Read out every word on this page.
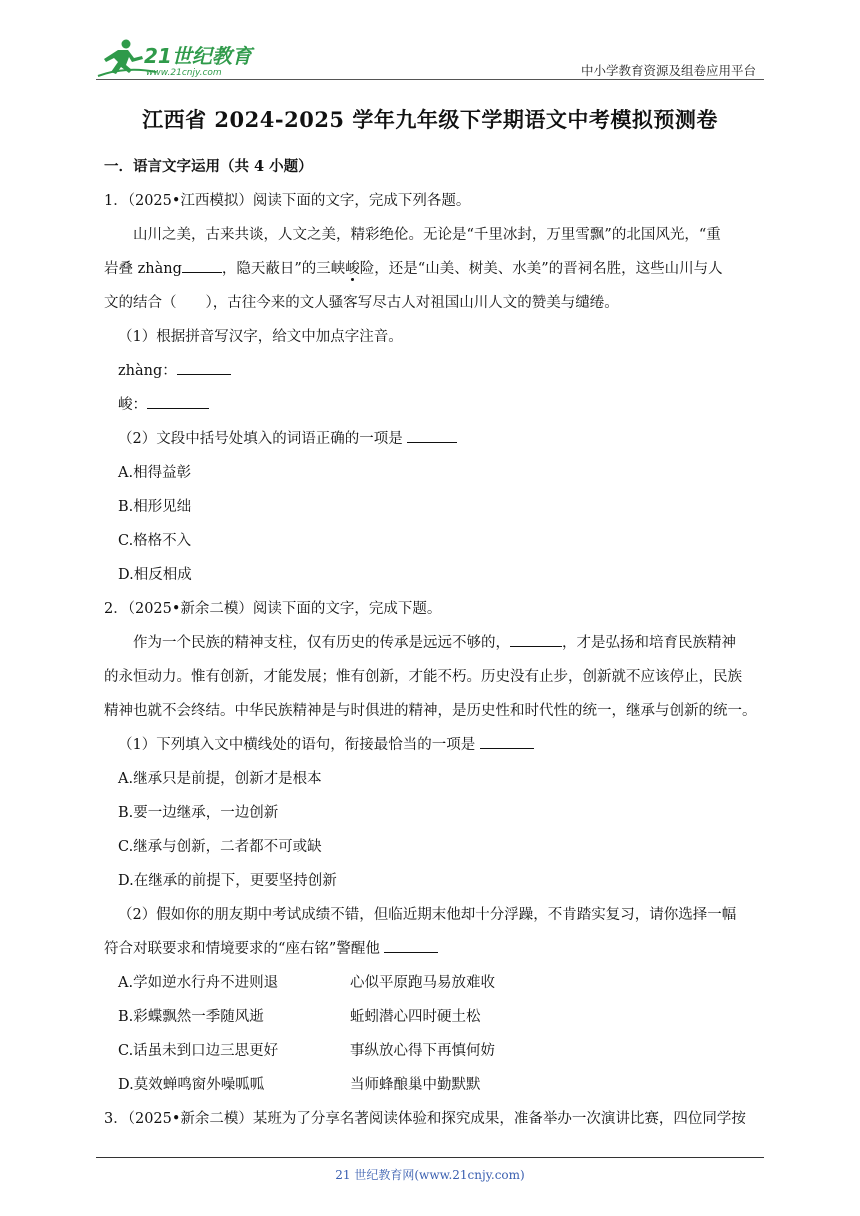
21世纪教育
www.21cnjy.com	中小学教育资源及组卷应用平台
江西省 2024-2025 学年九年级下学期语文中考模拟预测卷
一．语言文字运用（共 4 小题）
1．（2025•江西模拟）阅读下面的文字，完成下列各题。
山川之美，古来共谈，人文之美，精彩绝伦。无论是“千里冰封，万里雪飘”的北国风光，“重
岩叠 zhàng	，隐天蔽日”的三峡峻险，还是“山美、树美、水美”的晋祠名胜，这些山川与人
文的结合（　　），古往今来的文人骚客写尽古人对祖国山川人文的赞美与缱绻。
（1）根据拼音写汉字，给文中加点字注音。
zhàng：
峻：
（2）文段中括号处填入的词语正确的一项是
A.相得益彰
B.相形见绌
C.格格不入
D.相反相成
2．（2025•新余二模）阅读下面的文字，完成下题。
作为一个民族的精神支柱，仅有历史的传承是远远不够的，	，才是弘扬和培育民族精神
的永恒动力。惟有创新，才能发展；惟有创新，才能不朽。历史没有止步，创新就不应该停止，民族
精神也就不会终结。中华民族精神是与时俱进的精神，是历史性和时代性的统一，继承与创新的统一。
（1）下列填入文中横线处的语句，衔接最恰当的一项是
A.继承只是前提，创新才是根本
B.要一边继承，一边创新
C.继承与创新，二者都不可或缺
D.在继承的前提下，更要坚持创新
（2）假如你的朋友期中考试成绩不错，但临近期末他却十分浮躁，不肯踏实复习，请你选择一幅
符合对联要求和情境要求的“座右铭”警醒他
A.学如逆水行舟不进则退	心似平原跑马易放难收
B.彩蝶飘然一季随风逝	蚯蚓潜心四时硬土松
C.话虽未到口边三思更好	事纵放心得下再慎何妨
D.莫效蝉鸣窗外噪呱呱	当师蜂酿巢中勤默默
3．（2025•新余二模）某班为了分享名著阅读体验和探究成果，准备举办一次演讲比赛，四位同学按
21 世纪教育网(www.21cnjy.com)
